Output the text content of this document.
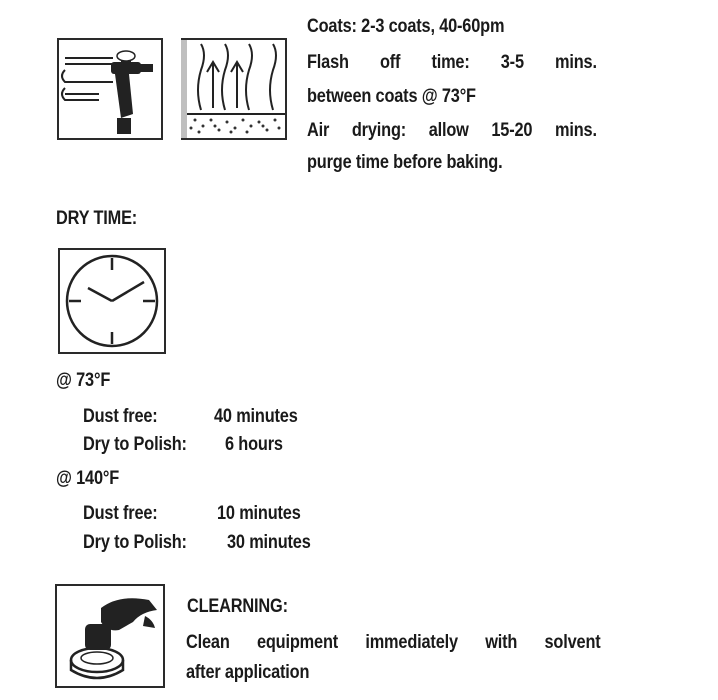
Coats: 2-3 coats, 40-60pm
Flash off time: 3-5 mins.
between coats @ 73°F
Air drying: allow 15-20 mins.
purge time before baking.
DRY TIME:
@ 73°F
Dust free:	40 minutes
Dry to Polish: 6 hours
@ 140°F
Dust free:	10 minutes
Dry to Polish: 30 minutes
CLEARNING:
Clean equipment immediately with solvent
after application
